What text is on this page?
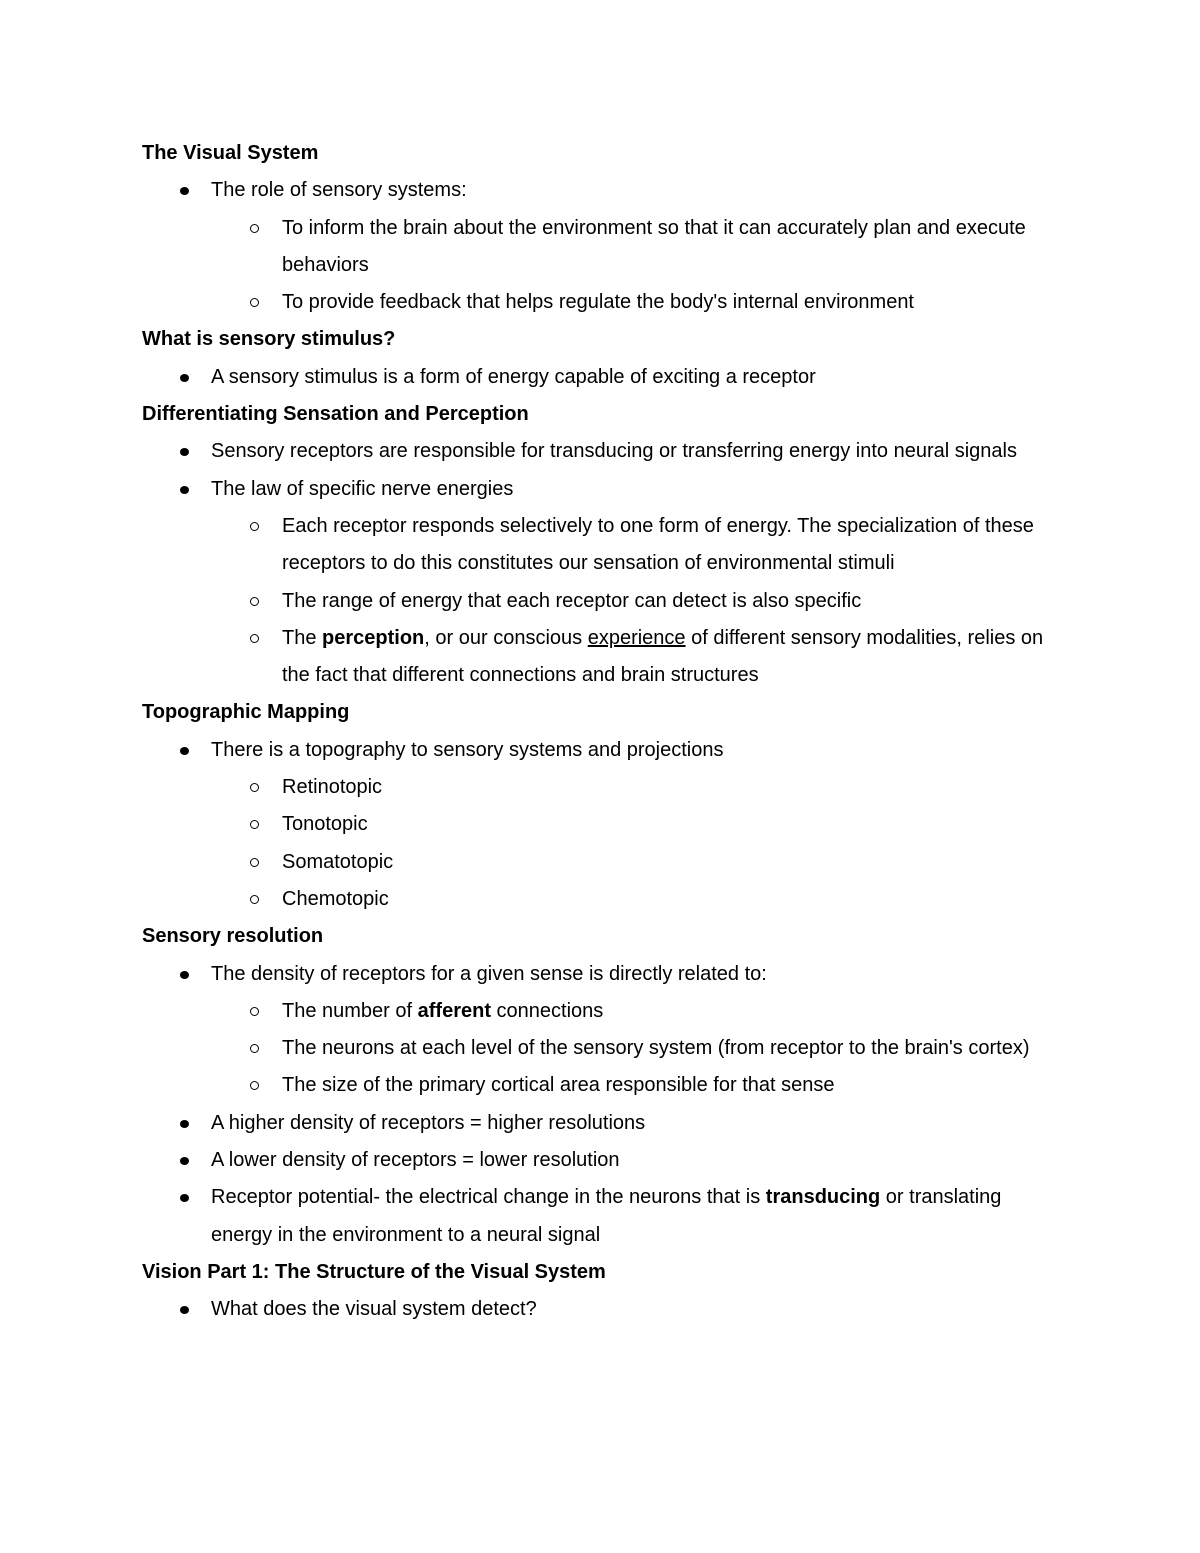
The Visual System
The role of sensory systems:
To inform the brain about the environment so that it can accurately plan and execute behaviors
To provide feedback that helps regulate the body's internal environment
What is sensory stimulus?
A sensory stimulus is a form of energy capable of exciting a receptor
Differentiating Sensation and Perception
Sensory receptors are responsible for transducing or transferring energy into neural signals
The law of specific nerve energies
Each receptor responds selectively to one form of energy. The specialization of these receptors to do this constitutes our sensation of environmental stimuli
The range of energy that each receptor can detect is also specific
The perception, or our conscious experience of different sensory modalities, relies on the fact that different connections and brain structures
Topographic Mapping
There is a topography to sensory systems and projections
Retinotopic
Tonotopic
Somatotopic
Chemotopic
Sensory resolution
The density of receptors for a given sense is directly related to:
The number of afferent connections
The neurons at each level of the sensory system (from receptor to the brain's cortex)
The size of the primary cortical area responsible for that sense
A higher density of receptors = higher resolutions
A lower density of receptors = lower resolution
Receptor potential- the electrical change in the neurons that is transducing or translating energy in the environment to a neural signal
Vision Part 1: The Structure of the Visual System
What does the visual system detect?
